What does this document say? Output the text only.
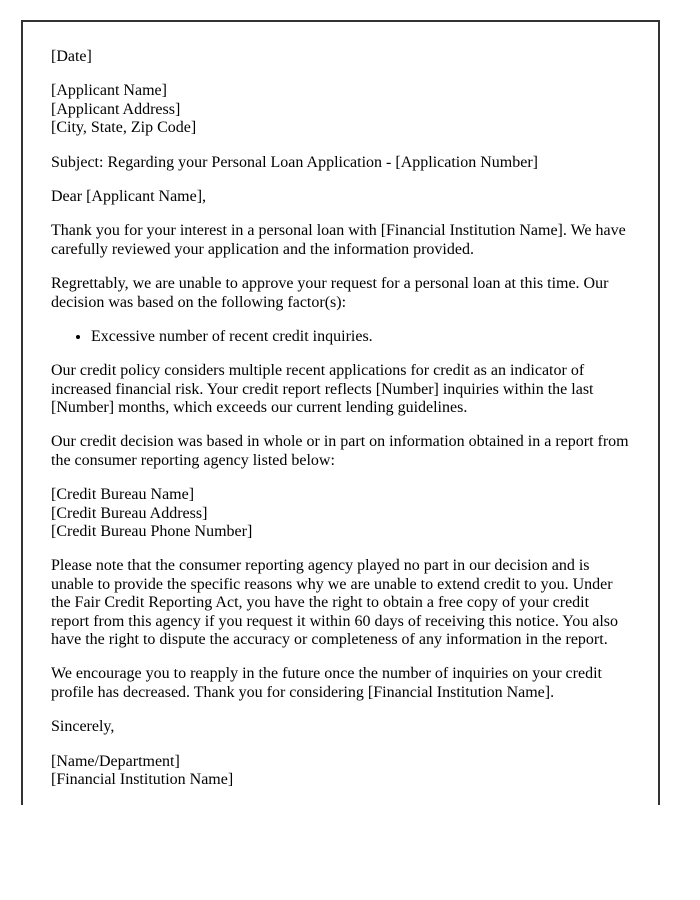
[Date]

[Applicant Name]
[Applicant Address]
[City, State, Zip Code]

Subject: Regarding your Personal Loan Application - [Application Number]

Dear [Applicant Name],

Thank you for your interest in a personal loan with [Financial Institution Name]. We have carefully reviewed your application and the information provided.

Regrettably, we are unable to approve your request for a personal loan at this time. Our decision was based on the following factor(s):

• Excessive number of recent credit inquiries.

Our credit policy considers multiple recent applications for credit as an indicator of increased financial risk. Your credit report reflects [Number] inquiries within the last [Number] months, which exceeds our current lending guidelines.

Our credit decision was based in whole or in part on information obtained in a report from the consumer reporting agency listed below:

[Credit Bureau Name]
[Credit Bureau Address]
[Credit Bureau Phone Number]

Please note that the consumer reporting agency played no part in our decision and is unable to provide the specific reasons why we are unable to extend credit to you. Under the Fair Credit Reporting Act, you have the right to obtain a free copy of your credit report from this agency if you request it within 60 days of receiving this notice. You also have the right to dispute the accuracy or completeness of any information in the report.

We encourage you to reapply in the future once the number of inquiries on your credit profile has decreased. Thank you for considering [Financial Institution Name].

Sincerely,

[Name/Department]
[Financial Institution Name]
